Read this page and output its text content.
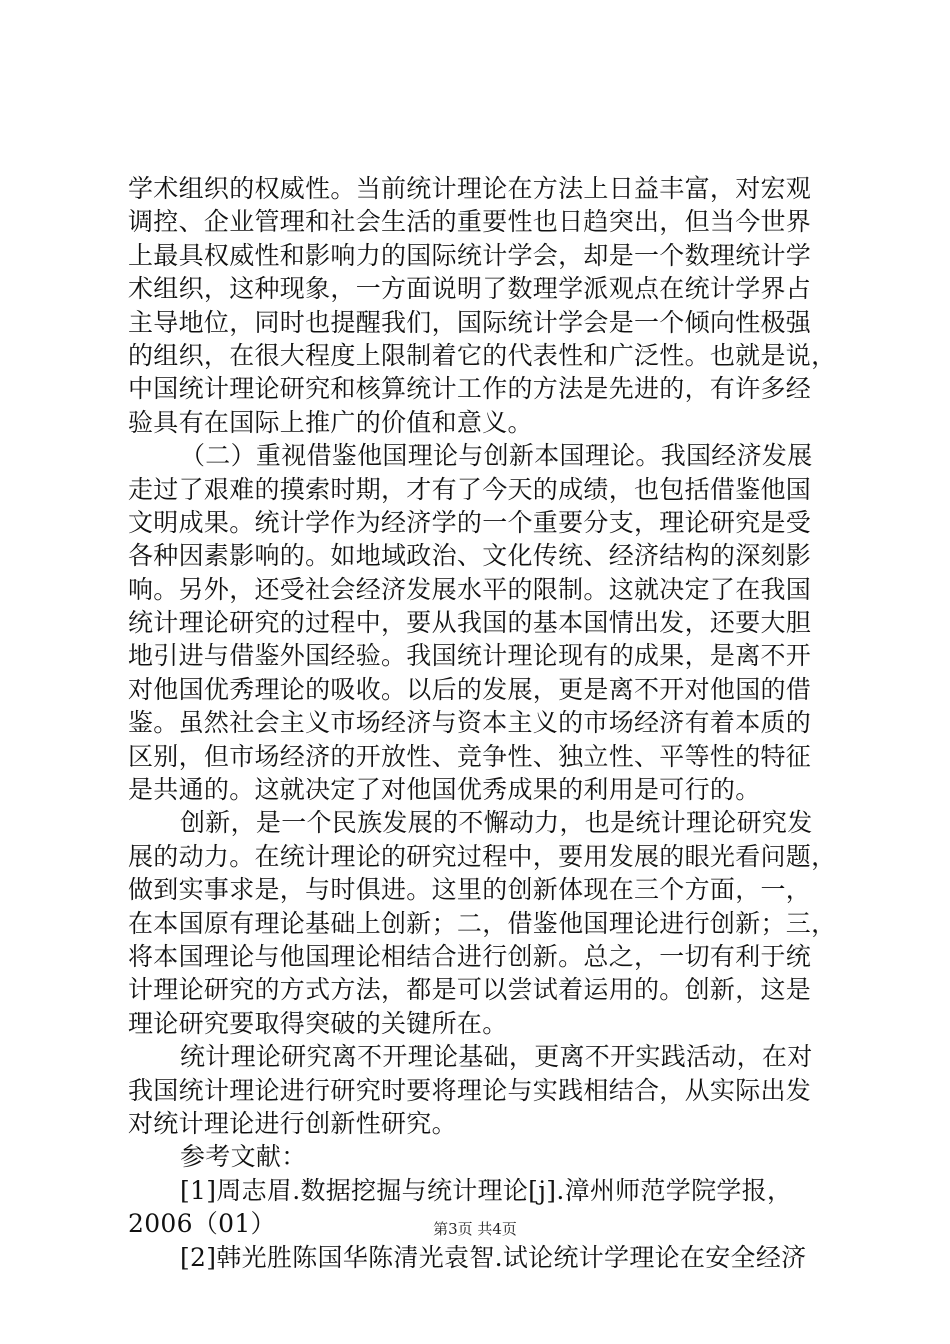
学术组织的权威性。当前统计理论在方法上日益丰富，对宏观
调控、企业管理和社会生活的重要性也日趋突出，但当今世界
上最具权威性和影响力的国际统计学会，却是一个数理统计学
术组织，这种现象，一方面说明了数理学派观点在统计学界占
主导地位，同时也提醒我们，国际统计学会是一个倾向性极强
的组织，在很大程度上限制着它的代表性和广泛性。也就是说，
中国统计理论研究和核算统计工作的方法是先进的，有许多经
验具有在国际上推广的价值和意义。
（二）重视借鉴他国理论与创新本国理论。我国经济发展
走过了艰难的摸索时期，才有了今天的成绩，也包括借鉴他国
文明成果。统计学作为经济学的一个重要分支，理论研究是受
各种因素影响的。如地域政治、文化传统、经济结构的深刻影
响。另外，还受社会经济发展水平的限制。这就决定了在我国
统计理论研究的过程中，要从我国的基本国情出发，还要大胆
地引进与借鉴外国经验。我国统计理论现有的成果，是离不开
对他国优秀理论的吸收。以后的发展，更是离不开对他国的借
鉴。虽然社会主义市场经济与资本主义的市场经济有着本质的
区别，但市场经济的开放性、竞争性、独立性、平等性的特征
是共通的。这就决定了对他国优秀成果的利用是可行的。
创新，是一个民族发展的不懈动力，也是统计理论研究发
展的动力。在统计理论的研究过程中，要用发展的眼光看问题，
做到实事求是，与时俱进。这里的创新体现在三个方面，一，
在本国原有理论基础上创新；二，借鉴他国理论进行创新；三，
将本国理论与他国理论相结合进行创新。总之，一切有利于统
计理论研究的方式方法，都是可以尝试着运用的。创新，这是
理论研究要取得突破的关键所在。
统计理论研究离不开理论基础，更离不开实践活动，在对
我国统计理论进行研究时要将理论与实践相结合，从实际出发
对统计理论进行创新性研究。
参考文献：
[1]周志眉.数据挖掘与统计理论[j].漳州师范学院学报，
2006（01）
[2]韩光胜陈国华陈清光袁智.试论统计学理论在安全经济
第3页 共4页
